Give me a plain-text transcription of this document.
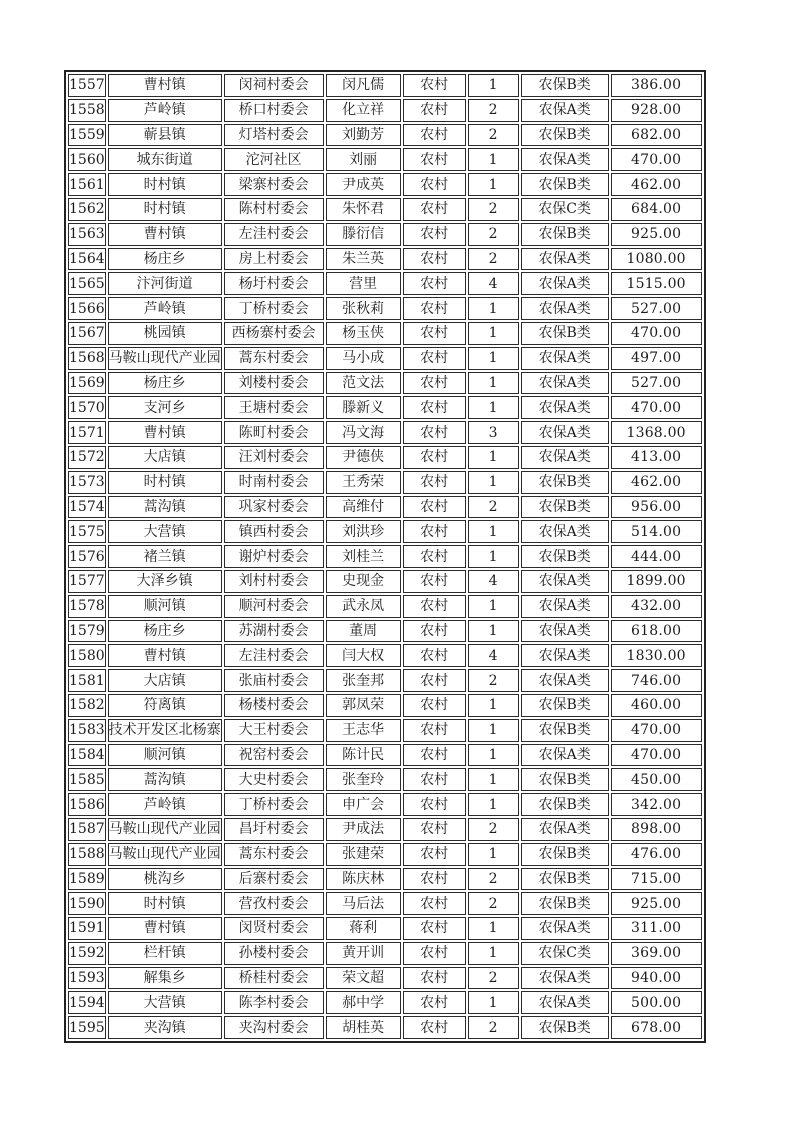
1557	曹村镇	闵祠村委会	闵凡儒	农村	1	农保B类	386.00
1558	芦岭镇	桥口村委会	化立祥	农村	2	农保A类	928.00
1559	蕲县镇	灯塔村委会	刘勤芳	农村	2	农保B类	682.00
1560	城东街道	沱河社区	刘丽	农村	1	农保A类	470.00
1561	时村镇	梁寨村委会	尹成英	农村	1	农保B类	462.00
1562	时村镇	陈村村委会	朱怀君	农村	2	农保C类	684.00
1563	曹村镇	左洼村委会	滕衍信	农村	2	农保B类	925.00
1564	杨庄乡	房上村委会	朱兰英	农村	2	农保A类	1080.00
1565	汴河街道	杨圩村委会	营里	农村	4	农保A类	1515.00
1566	芦岭镇	丁桥村委会	张秋莉	农村	1	农保A类	527.00
1567	桃园镇	西杨寨村委会	杨玉侠	农村	1	农保B类	470.00
1568	马鞍山现代产业园	蒿东村委会	马小成	农村	1	农保A类	497.00
1569	杨庄乡	刘楼村委会	范文法	农村	1	农保A类	527.00
1570	支河乡	王塘村委会	滕新义	农村	1	农保A类	470.00
1571	曹村镇	陈町村委会	冯文海	农村	3	农保A类	1368.00
1572	大店镇	汪刘村委会	尹德侠	农村	1	农保A类	413.00
1573	时村镇	时南村委会	王秀荣	农村	1	农保B类	462.00
1574	蒿沟镇	巩家村委会	高维付	农村	2	农保B类	956.00
1575	大营镇	镇西村委会	刘洪珍	农村	1	农保A类	514.00
1576	褚兰镇	谢炉村委会	刘桂兰	农村	1	农保B类	444.00
1577	大泽乡镇	刘村村委会	史现金	农村	4	农保A类	1899.00
1578	顺河镇	顺河村委会	武永凤	农村	1	农保A类	432.00
1579	杨庄乡	苏湖村委会	董周	农村	1	农保A类	618.00
1580	曹村镇	左洼村委会	闫大权	农村	4	农保A类	1830.00
1581	大店镇	张庙村委会	张奎邦	农村	2	农保A类	746.00
1582	符离镇	杨楼村委会	郭凤荣	农村	1	农保B类	460.00
1583	技术开发区北杨寨	大王村委会	王志华	农村	1	农保B类	470.00
1584	顺河镇	祝窑村委会	陈计民	农村	1	农保A类	470.00
1585	蒿沟镇	大史村委会	张奎玲	农村	1	农保B类	450.00
1586	芦岭镇	丁桥村委会	申广会	农村	1	农保B类	342.00
1587	马鞍山现代产业园	昌圩村委会	尹成法	农村	2	农保A类	898.00
1588	马鞍山现代产业园	蒿东村委会	张建荣	农村	1	农保B类	476.00
1589	桃沟乡	后寨村委会	陈庆林	农村	2	农保B类	715.00
1590	时村镇	营孜村委会	马后法	农村	2	农保B类	925.00
1591	曹村镇	闵贤村委会	蒋利	农村	1	农保A类	311.00
1592	栏杆镇	孙楼村委会	黄开训	农村	1	农保C类	369.00
1593	解集乡	桥桂村委会	荣文超	农村	2	农保A类	940.00
1594	大营镇	陈李村委会	郝中学	农村	1	农保A类	500.00
1595	夹沟镇	夹沟村委会	胡桂英	农村	2	农保B类	678.00
